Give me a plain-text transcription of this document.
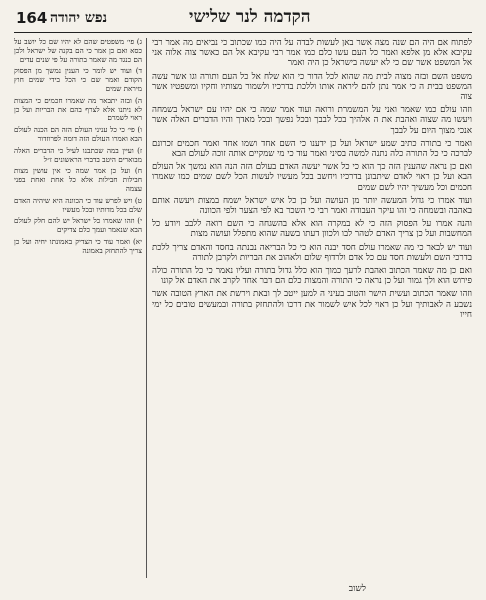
164 נפש יהודה	הקדמה לנר שלישי

לפתוח אם היה הם שנה מצה אשר באן לעשות לבדה על היה כמו שכתוב כי נביאים מה אמר רבי עקיבא אלא מן אלפא ואמר כל העם עשו כלם כמו אמר רבי עקיבא אל הם כאשר צוה אלוה אני אל המשפט אשר שם כי לא יעשה בישראל כן היה ואמר

משפט השם ובזה מצוה לבית מה שהוא לכל הדור כי הוא שלח אל כל העם ותורה וגו אשר עשה המשפט בבית ה כי אמר נתן להם ליראה אותו וללכת בדרכיו ולשמור מצותיו וחקיו ומשפטיו אשר צוה

וזהו עולם כמו שאמר ואני על המשמרת ורואה ועוד אמר שמה כי אם יהיו עם ישראל בשמחה ויעשו מה שצוה ואהבת את ה אלהיך בכל לבבך ובכל נפשך ובכל מאדך והיו הדברים האלה אשר אנכי מצוך היום על לבבך

ואמר כי בתורה כתיב שמע ישראל ועל כן ידענו כי השם אחד ושמו אחד ואמר חכמים זכרונם לברכה כי כל התורה כלה נתנה למשה בסיני ואמר עוד כי מי שמקיים אותה זוכה לעולם הבא

ואם כן נראה שהענין הזה כך הוא כי כל אשר יעשה האדם בעולם הזה הנה הוא נמשך אל העולם הבא ועל כן ראוי לאדם שיתבונן בדרכיו ויחשב בכל מעשיו לעשות הכל לשם שמים כמו שאמרו חכמים וכל מעשיך יהיו לשם שמים

ועוד אמרו כי גדול המעשה יותר מן העושה ועל כן כל איש ישראל ישמח במצות ויעשה אותם באהבה ובשמחה כי זהו עיקר העבודה ואמר רבי כי השכר בא לפי הצער ולפי הכוונה

והנה אמרו על הפסוק הזה כי לא במקרה הוא אלא בהשגחה כי השם רואה ללבב ויודע כל המחשבות ועל כן צריך האדם לטהר לבו ולכוון דעתו בשעה שהוא מתפלל ועושה מצות

ועוד יש לבאר כי מה שאמרו עולם חסד יבנה הוא כי כל הבריאה נבנתה בחסד והאדם צריך ללכת בדרכי השם ולעשות חסד עם כל אדם ולרדוף שלום ולאהוב את הבריות ולקרבן לתורה

ואם כן מה שאמר הכתוב ואהבת לרעך כמוך הוא כלל גדול בתורה ועליו נאמר כי כל התורה כולה פירוש הוא ולך גמור ועל כן נראה כי התורה והמצות כלם הם דבר אחד לקרב את האדם אל קונו

וזהו שאמר הכתוב ועשית הישר והטוב בעיני ה למען ייטב לך ובאת וירשת את הארץ הטובה אשר נשבע ה לאבותיך ועל כן ראוי לכל איש לשמור את דרכו ולהתחזק בתורה ובמעשים טובים כל ימי חייו

ג) פי׳ משפטים שהם לא יהיו שם כל יושב על כסא ואם כן אמר כי הם בקנה של ישראל ולכן הם כנגד מה שאמר בתורה על פי שנים עדים

ד) ועוד יש לומר כי הענין נמשך מן הפסוק הקודם ואמר שם כי הכל בידי שמים חוץ מיראת שמים

ה) ובזה יתבאר מה שאמרו חכמים כי המצות לא ניתנו אלא לצרף בהם את הבריות ועל כן ראוי לשמרם

ו) פי׳ כי כל עניני העולם הזה הם הכנה לעולם הבא ואמרו העולם הזה דומה לפרוזדור

ז) ועיין במה שכתבנו לעיל כי הדברים האלה מבוארים היטב בדברי הראשונים ז״ל

ח) ועל כן אמר שמה כי אין עושין מצות חבילות חבילות אלא כל אחת ואחת בפני עצמה

ט) ויש לפרש עוד כי הכוונה היא שיהיה האדם שלם בכל מדותיו ובכל מעשיו

י) וזהו שאמרו כל ישראל יש להם חלק לעולם הבא שנאמר ועמך כלם צדיקים

יא) ואמר עוד כי הצדיק באמונתו יחיה ועל כן צריך להתחזק באמונה

לשוב
